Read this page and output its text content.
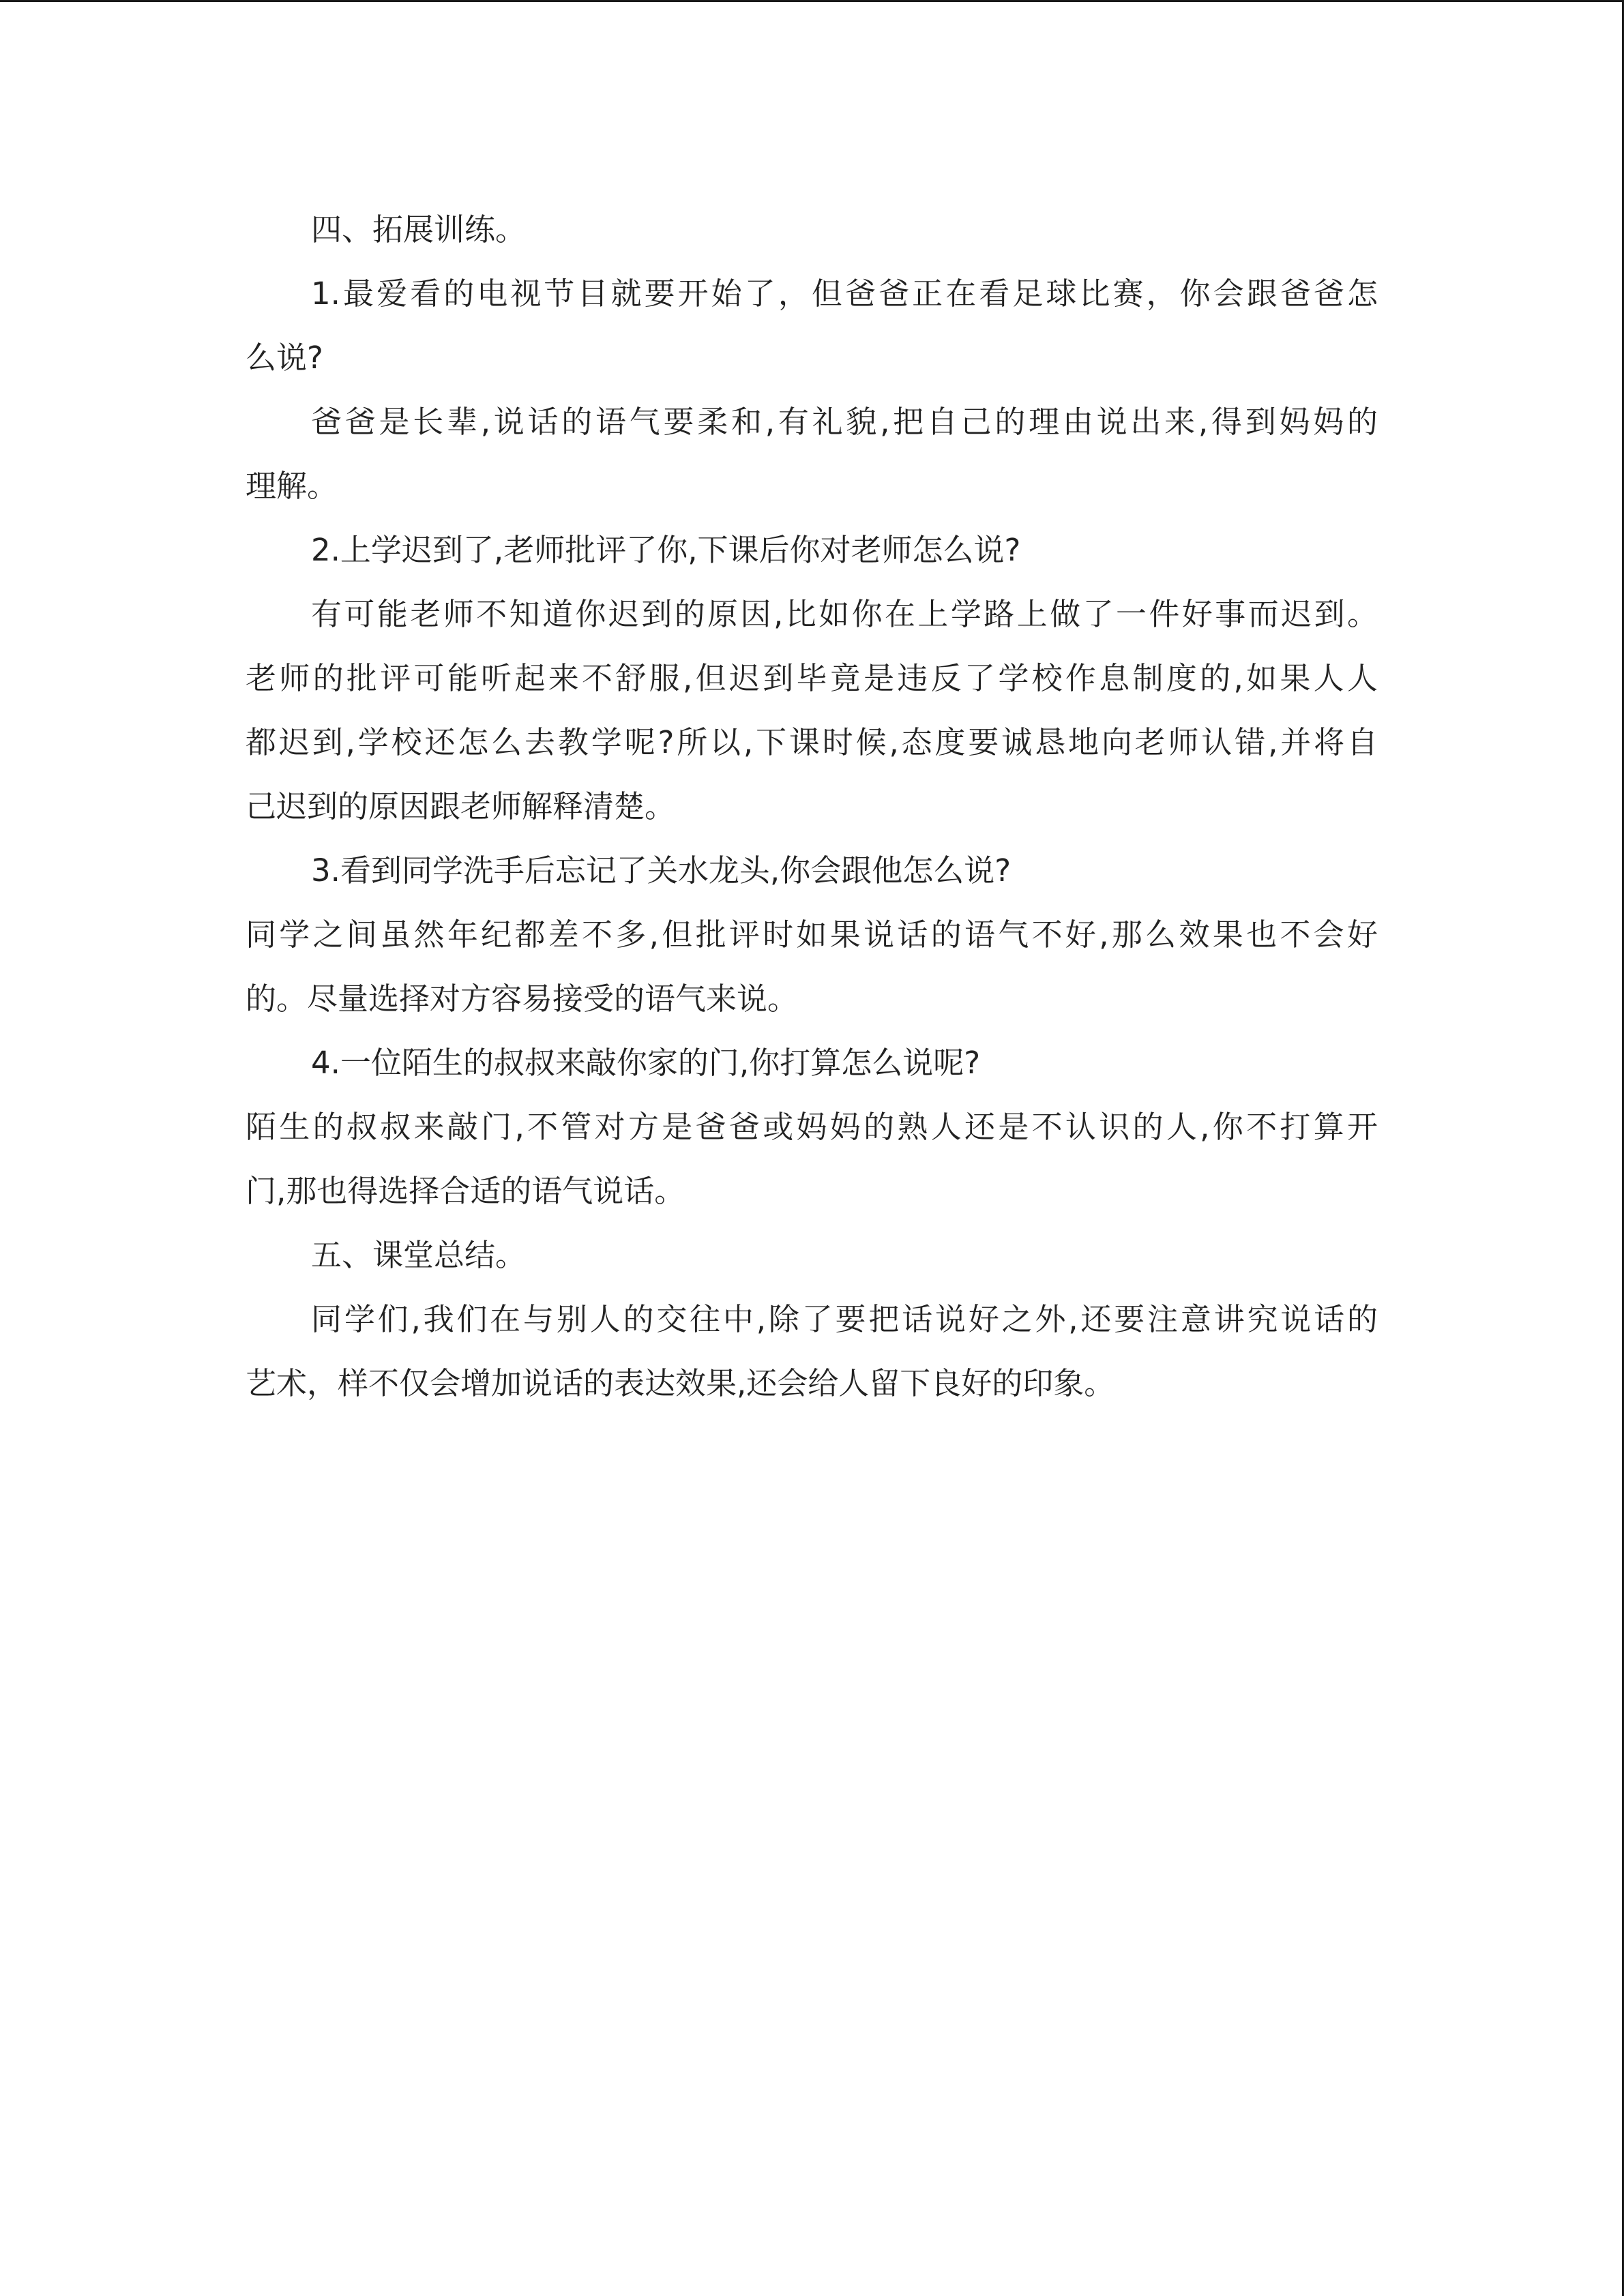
四、拓展训练。
1.最爱看的电视节目就要开始了，但爸爸正在看足球比赛，你会跟爸爸怎
么说?
爸爸是长辈,说话的语气要柔和,有礼貌,把自己的理由说出来,得到妈妈的
理解。
2.上学迟到了,老师批评了你,下课后你对老师怎么说?
有可能老师不知道你迟到的原因,比如你在上学路上做了一件好事而迟到。
老师的批评可能听起来不舒服,但迟到毕竟是违反了学校作息制度的,如果人人
都迟到,学校还怎么去教学呢?所以,下课时候,态度要诚恳地向老师认错,并将自
己迟到的原因跟老师解释清楚。
3.看到同学洗手后忘记了关水龙头,你会跟他怎么说?
同学之间虽然年纪都差不多,但批评时如果说话的语气不好,那么效果也不会好
的。尽量选择对方容易接受的语气来说。
4.一位陌生的叔叔来敲你家的门,你打算怎么说呢?
陌生的叔叔来敲门,不管对方是爸爸或妈妈的熟人还是不认识的人,你不打算开
门,那也得选择合适的语气说话。
五、课堂总结。
同学们,我们在与别人的交往中,除了要把话说好之外,还要注意讲究说话的
艺术，样不仅会增加说话的表达效果,还会给人留下良好的印象。
